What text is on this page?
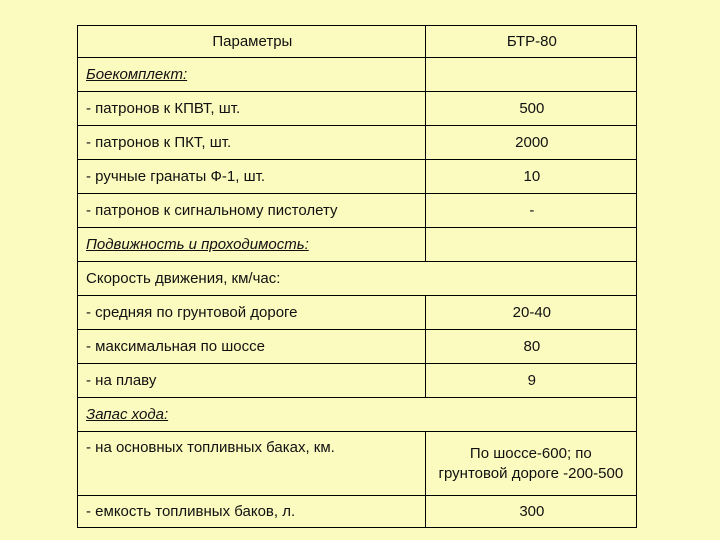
Параметры	БТР-80
Боекомплект:	
- патронов к КПВТ, шт.	500
- патронов к ПКТ, шт.	2000
- ручные гранаты Ф-1, шт.	10
- патронов к сигнальному пистолету	-
Подвижность и проходимость:	
Скорость движения, км/час:	
- средняя по грунтовой дороге	20-40
- максимальная по шоссе	80
- на плаву	9
Запас хода:	
- на основных топливных баках, км.	По шоссе-600; по грунтовой дороге -200-500
- емкость топливных баков, л.	300
